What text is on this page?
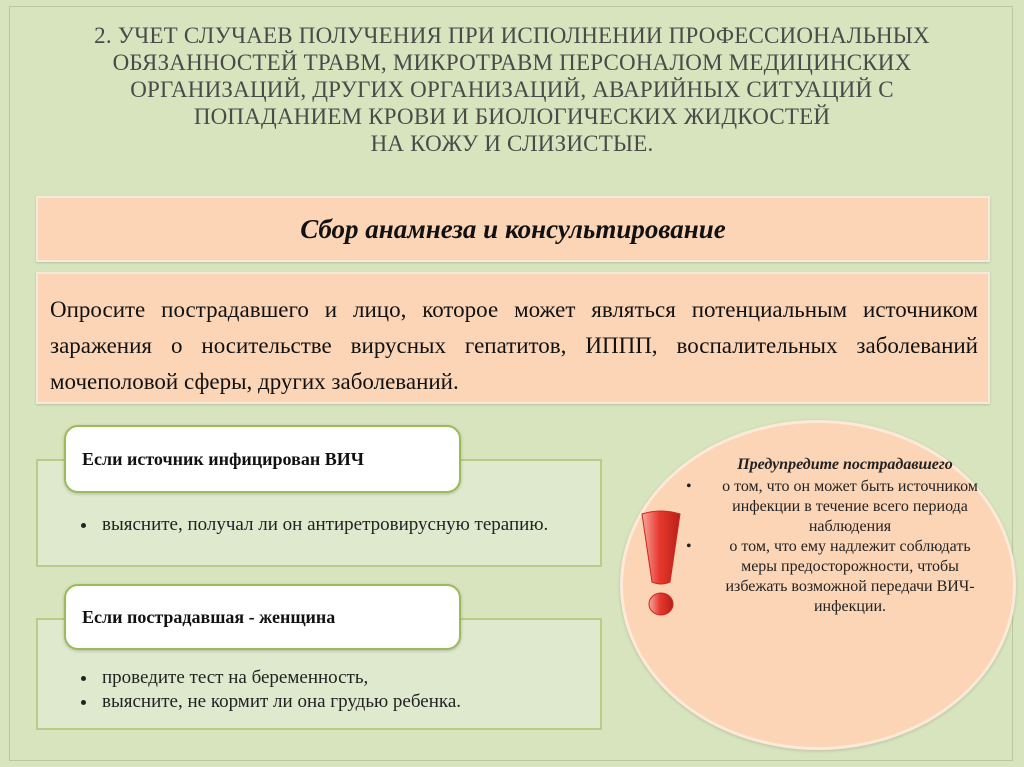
2. УЧЕТ СЛУЧАЕВ ПОЛУЧЕНИЯ ПРИ ИСПОЛНЕНИИ ПРОФЕССИОНАЛЬНЫХ
ОБЯЗАННОСТЕЙ ТРАВМ, МИКРОТРАВМ ПЕРСОНАЛОМ МЕДИЦИНСКИХ
ОРГАНИЗАЦИЙ, ДРУГИХ ОРГАНИЗАЦИЙ, АВАРИЙНЫХ СИТУАЦИЙ С
ПОПАДАНИЕМ КРОВИ И БИОЛОГИЧЕСКИХ ЖИДКОСТЕЙ
НА КОЖУ И СЛИЗИСТЫЕ.
Сбор анамнеза и консультирование
Опросите пострадавшего и лицо, которое может являться потенциальным источником заражения о носительстве вирусных гепатитов, ИППП, воспалительных заболеваний мочеполовой сферы, других заболеваний.
• выясните, получал ли он антиретровирусную терапию.
Если источник инфицирован ВИЧ
• проведите тест на беременность,
• выясните, не кормит ли она грудью ребенка.
Если пострадавшая - женщина
Предупредите пострадавшего
• о том, что он может быть источником инфекции в течение всего периода наблюдения
• о том, что ему надлежит соблюдать меры предосторожности, чтобы избежать возможной передачи ВИЧ-инфекции.
